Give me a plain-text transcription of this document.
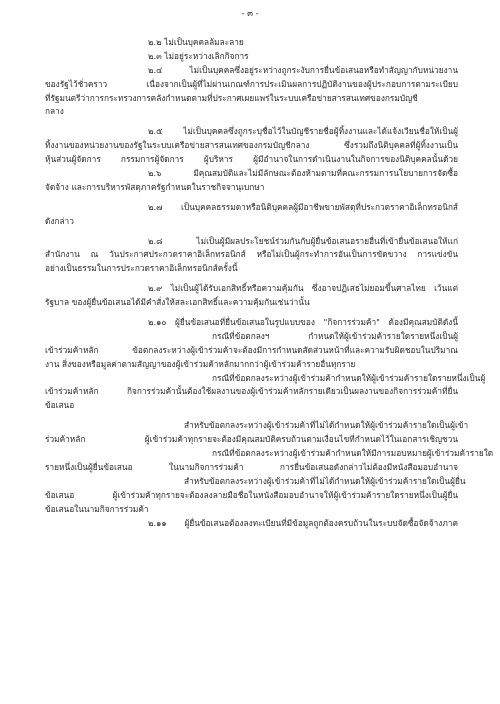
- ๓ -
๒.๒ ไม่เป็นบุคคลล้มละลาย
๒.๓ ไม่อยู่ระหว่างเลิกกิจการ
๒.๔ ไม่เป็นบุคคลซึ่งอยู่ระหว่างถูกระงับการยื่นข้อเสนอหรือทำสัญญากับหน่วยงาน
ของรัฐไว้ชั่วคราว เนื่องจากเป็นผู้ที่ไม่ผ่านเกณฑ์การประเมินผลการปฏิบัติงานของผู้ประกอบการตามระเบียบ
ที่รัฐมนตรีว่าการกระทรวงการคลังกำหนดตามที่ประกาศเผยแพร่ในระบบเครือข่ายสารสนเทศของกรมบัญชี
กลาง
๒.๕ ไม่เป็นบุคคลซึ่งถูกระบุชื่อไว้ในบัญชีรายชื่อผู้ทิ้งงานและได้แจ้งเวียนชื่อให้เป็นผู้
ทิ้งงานของหน่วยงานของรัฐในระบบเครือข่ายสารสนเทศของกรมบัญชีกลาง ซึ่งรวมถึงนิติบุคคลที่ผู้ทิ้งงานเป็น
หุ้นส่วนผู้จัดการ กรรมการผู้จัดการ ผู้บริหาร ผู้มีอำนาจในการดำเนินงานในกิจการของนิติบุคคลนั้นด้วย
๒.๖ มีคุณสมบัติและไม่มีลักษณะต้องห้ามตามที่คณะกรรมการนโยบายการจัดซื้อ
จัดจ้าง และการบริหารพัสดุภาครัฐกำหนดในราชกิจจานุเบกษา
๒.๗ เป็นบุคคลธรรมดาหรือนิติบุคคลผู้มีอาชีพขายพัสดุที่ประกวดราคาอิเล็กทรอนิกส์
ดังกล่าว
๒.๘ ไม่เป็นผู้มีผลประโยชน์ร่วมกันกับผู้ยื่นข้อเสนอรายอื่นที่เข้ายื่นข้อเสนอให้แก่
สำนักงาน ณ วันประกาศประกวดราคาอิเล็กทรอนิกส์ หรือไม่เป็นผู้กระทำการอันเป็นการขัดขวาง การแข่งขัน
อย่างเป็นธรรมในการประกวดราคาอิเล็กทรอนิกส์ครั้งนี้
๒.๙ ไม่เป็นผู้ได้รับเอกสิทธิ์หรือความคุ้มกัน ซึ่งอาจปฏิเสธไม่ยอมขึ้นศาลไทย เว้นแต่
รัฐบาล ของผู้ยื่นข้อเสนอได้มีคำสั่งให้สละเอกสิทธิ์และความคุ้มกันเช่นว่านั้น
๒.๑๐ ผู้ยื่นข้อเสนอที่ยื่นข้อเสนอในรูปแบบของ "กิจการร่วมค้า" ต้องมีคุณสมบัติดังนี้
กรณีที่ข้อตกลงฯ กำหนดให้ผู้เข้าร่วมค้ารายใดรายหนึ่งเป็นผู้
เข้าร่วมค้าหลัก ข้อตกลงระหว่างผู้เข้าร่วมค้าจะต้องมีการกำหนดสัดส่วนหน้าที่และความรับผิดชอบในปริมาณ
งาน สิ่งของหรือมูลค่าตามสัญญาของผู้เข้าร่วมค้าหลักมากกว่าผู้เข้าร่วมค้ารายอื่นทุกราย
กรณีที่ข้อตกลงระหว่างผู้เข้าร่วมค้ากำหนดให้ผู้เข้าร่วมค้ารายใดรายหนึ่งเป็นผู้
เข้าร่วมค้าหลัก กิจการร่วมค้านั้นต้องใช้ผลงานของผู้เข้าร่วมค้าหลักรายเดียวเป็นผลงานของกิจการร่วมค้าที่ยื่น
ข้อเสนอ
สำหรับข้อตกลงระหว่างผู้เข้าร่วมค้าที่ไม่ได้กำหนดให้ผู้เข้าร่วมค้ารายใดเป็นผู้เข้า
ร่วมค้าหลัก ผู้เข้าร่วมค้าทุกรายจะต้องมีคุณสมบัติครบถ้วนตามเงื่อนไขที่กำหนดไว้ในเอกสารเชิญชวน
กรณีที่ข้อตกลงระหว่างผู้เข้าร่วมค้ากำหนดให้มีการมอบหมายผู้เข้าร่วมค้ารายใด
รายหนึ่งเป็นผู้ยื่นข้อเสนอ ในนามกิจการร่วมค้า การยื่นข้อเสนอดังกล่าวไม่ต้องมีหนังสือมอบอำนาจ
สำหรับข้อตกลงระหว่างผู้เข้าร่วมค้าที่ไม่ได้กำหนดให้ผู้เข้าร่วมค้ารายใดเป็นผู้ยื่น
ข้อเสนอ ผู้เข้าร่วมค้าทุกรายจะต้องลงลายมือชื่อในหนังสือมอบอำนาจให้ผู้เข้าร่วมค้ารายใดรายหนึ่งเป็นผู้ยื่น
ข้อเสนอในนามกิจการร่วมค้า
๒.๑๑ ผู้ยื่นข้อเสนอต้องลงทะเบียนที่มีข้อมูลถูกต้องครบถ้วนในระบบจัดซื้อจัดจ้างภาค
